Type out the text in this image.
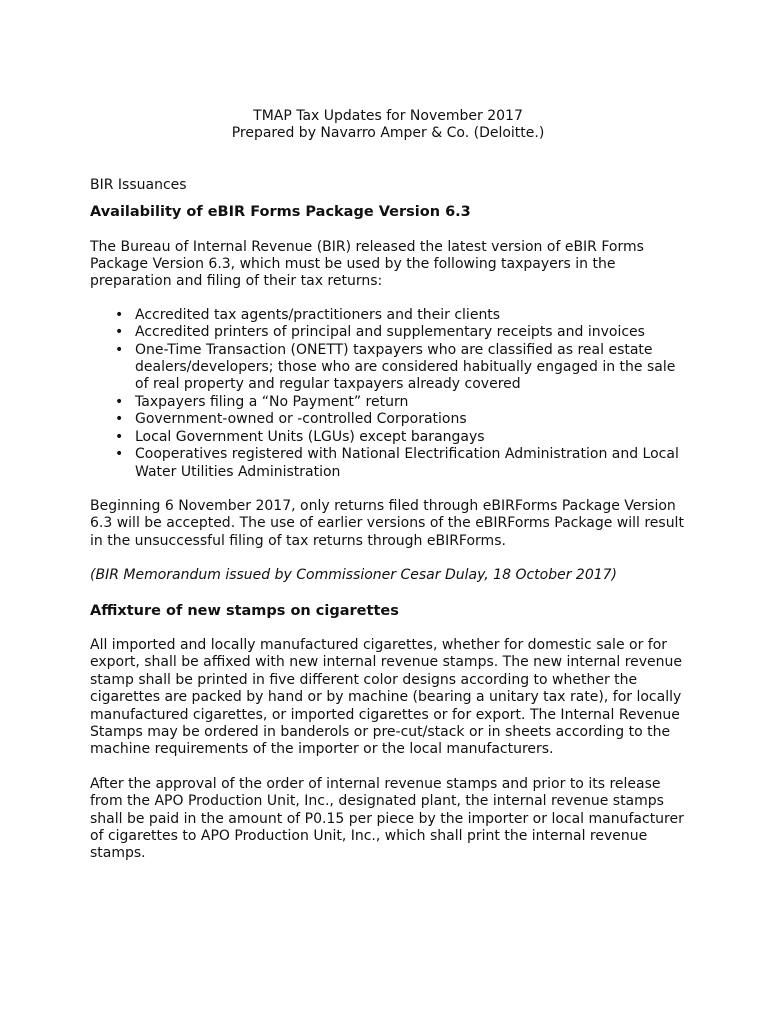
TMAP Tax Updates for November 2017

Prepared by Navarro Amper & Co. (Deloitte.)

BIR Issuances

Availability of eBIR Forms Package Version 6.3

The Bureau of Internal Revenue (BIR) released the latest version of eBIR Forms Package Version 6.3, which must be used by the following taxpayers in the preparation and filing of their tax returns:

• Accredited tax agents/practitioners and their clients
• Accredited printers of principal and supplementary receipts and invoices
• One-Time Transaction (ONETT) taxpayers who are classified as real estate dealers/developers; those who are considered habitually engaged in the sale of real property and regular taxpayers already covered
• Taxpayers filing a “No Payment” return
• Government-owned or -controlled Corporations
• Local Government Units (LGUs) except barangays
• Cooperatives registered with National Electrification Administration and Local Water Utilities Administration

Beginning 6 November 2017, only returns filed through eBIRForms Package Version 6.3 will be accepted. The use of earlier versions of the eBIRForms Package will result in the unsuccessful filing of tax returns through eBIRForms.

(BIR Memorandum issued by Commissioner Cesar Dulay, 18 October 2017)

Affixture of new stamps on cigarettes

All imported and locally manufactured cigarettes, whether for domestic sale or for export, shall be affixed with new internal revenue stamps. The new internal revenue stamp shall be printed in five different color designs according to whether the cigarettes are packed by hand or by machine (bearing a unitary tax rate), for locally manufactured cigarettes, or imported cigarettes or for export. The Internal Revenue Stamps may be ordered in banderols or pre-cut/stack or in sheets according to the machine requirements of the importer or the local manufacturers.

After the approval of the order of internal revenue stamps and prior to its release from the APO Production Unit, Inc., designated plant, the internal revenue stamps shall be paid in the amount of P0.15 per piece by the importer or local manufacturer of cigarettes to APO Production Unit, Inc., which shall print the internal revenue stamps.
